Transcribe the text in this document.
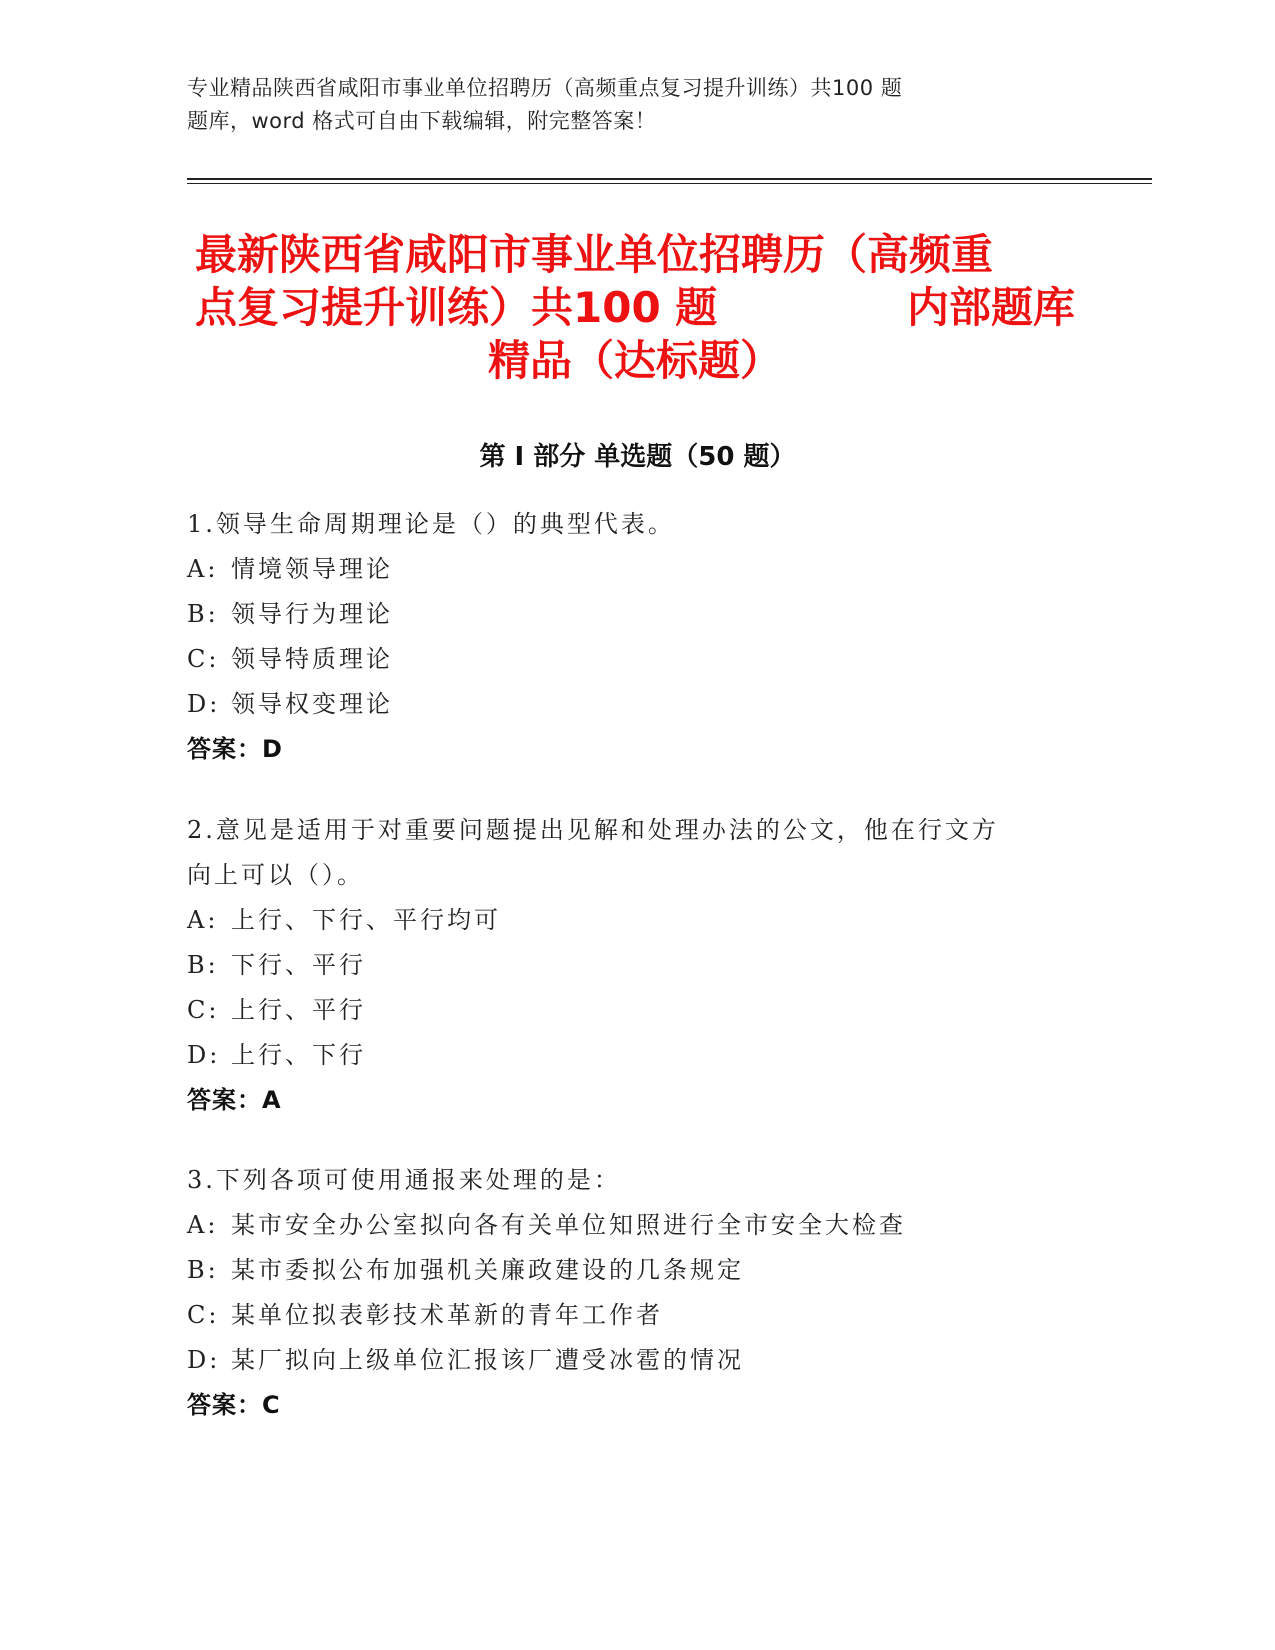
专业精品陕西省咸阳市事业单位招聘历（高频重点复习提升训练）共100 题
题库，word 格式可自由下载编辑，附完整答案！
最新陕西省咸阳市事业单位招聘历（高频重
点复习提升训练）共100 题	内部题库
精品（达标题）
第 I 部分 单选题（50 题）
1.领导生命周期理论是（）的典型代表。
A: 情境领导理论
B: 领导行为理论
C: 领导特质理论
D: 领导权变理论
答案：D
2.意见是适用于对重要问题提出见解和处理办法的公文，他在行文方
向上可以（）。
A: 上行、下行、平行均可
B: 下行、平行
C: 上行、平行
D: 上行、下行
答案：A
3.下列各项可使用通报来处理的是：
A: 某市安全办公室拟向各有关单位知照进行全市安全大检查
B: 某市委拟公布加强机关廉政建设的几条规定
C: 某单位拟表彰技术革新的青年工作者
D: 某厂拟向上级单位汇报该厂遭受冰雹的情况
答案：C
